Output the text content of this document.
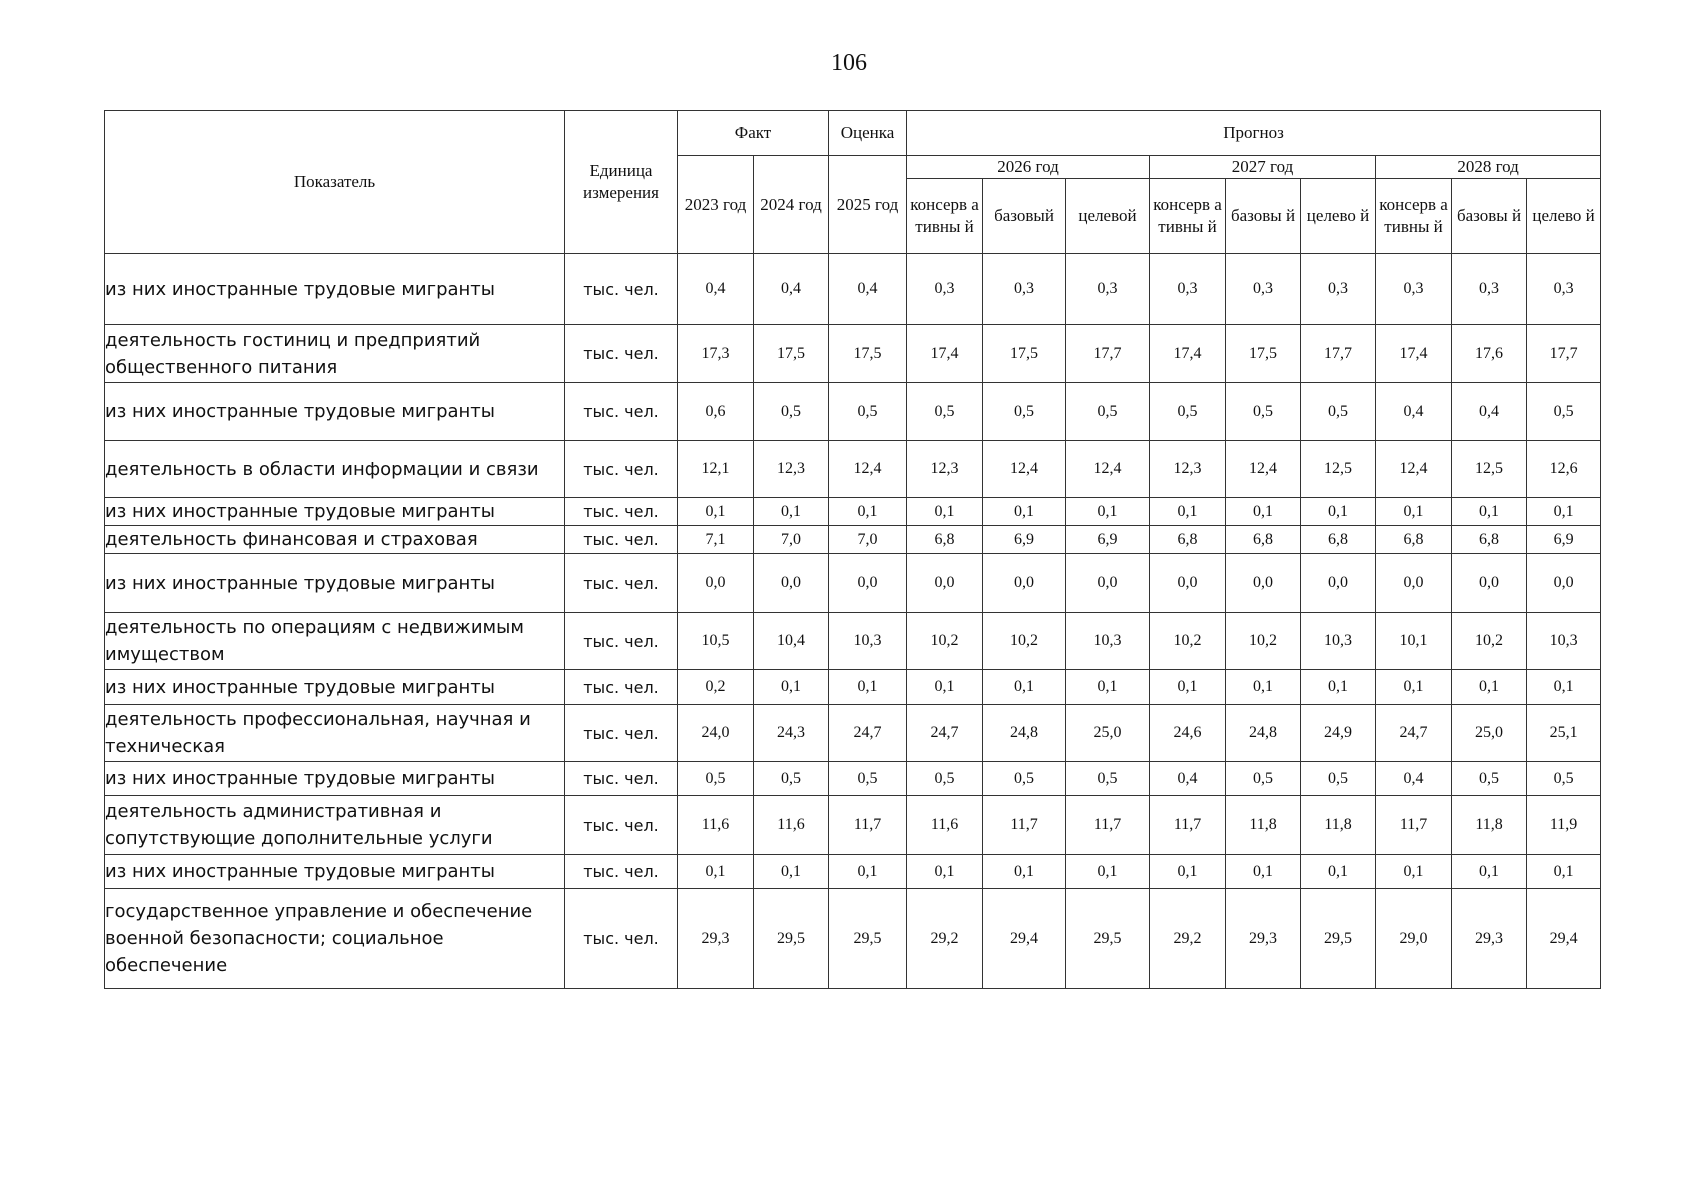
106
Показатель	Единица измерения	Факт		Оценка	Прогноз								
		2023 год	2024 год	2025 год	2026 год			2027 год			2028 год		
					консерв ативны й	базовый	целевой	консерв ативны й	базовы й	целево й	консерв ативны й	базовы й	целево й
из них иностранные трудовые мигранты	тыс. чел.	0,4	0,4	0,4	0,3	0,3	0,3	0,3	0,3	0,3	0,3	0,3	0,3
деятельность гостиниц и предприятий общественного питания	тыс. чел.	17,3	17,5	17,5	17,4	17,5	17,7	17,4	17,5	17,7	17,4	17,6	17,7
из них иностранные трудовые мигранты	тыс. чел.	0,6	0,5	0,5	0,5	0,5	0,5	0,5	0,5	0,5	0,4	0,4	0,5
деятельность в области информации и связи	тыс. чел.	12,1	12,3	12,4	12,3	12,4	12,4	12,3	12,4	12,5	12,4	12,5	12,6
из них иностранные трудовые мигранты	тыс. чел.	0,1	0,1	0,1	0,1	0,1	0,1	0,1	0,1	0,1	0,1	0,1	0,1
деятельность финансовая и страховая	тыс. чел.	7,1	7,0	7,0	6,8	6,9	6,9	6,8	6,8	6,8	6,8	6,8	6,9
из них иностранные трудовые мигранты	тыс. чел.	0,0	0,0	0,0	0,0	0,0	0,0	0,0	0,0	0,0	0,0	0,0	0,0
деятельность по операциям с недвижимым имуществом	тыс. чел.	10,5	10,4	10,3	10,2	10,2	10,3	10,2	10,2	10,3	10,1	10,2	10,3
из них иностранные трудовые мигранты	тыс. чел.	0,2	0,1	0,1	0,1	0,1	0,1	0,1	0,1	0,1	0,1	0,1	0,1
деятельность профессиональная, научная и техническая	тыс. чел.	24,0	24,3	24,7	24,7	24,8	25,0	24,6	24,8	24,9	24,7	25,0	25,1
из них иностранные трудовые мигранты	тыс. чел.	0,5	0,5	0,5	0,5	0,5	0,5	0,4	0,5	0,5	0,4	0,5	0,5
деятельность административная и сопутствующие дополнительные услуги	тыс. чел.	11,6	11,6	11,7	11,6	11,7	11,7	11,7	11,8	11,8	11,7	11,8	11,9
из них иностранные трудовые мигранты	тыс. чел.	0,1	0,1	0,1	0,1	0,1	0,1	0,1	0,1	0,1	0,1	0,1	0,1
государственное управление и обеспечение военной безопасности; социальное обеспечение	тыс. чел.	29,3	29,5	29,5	29,2	29,4	29,5	29,2	29,3	29,5	29,0	29,3	29,4
